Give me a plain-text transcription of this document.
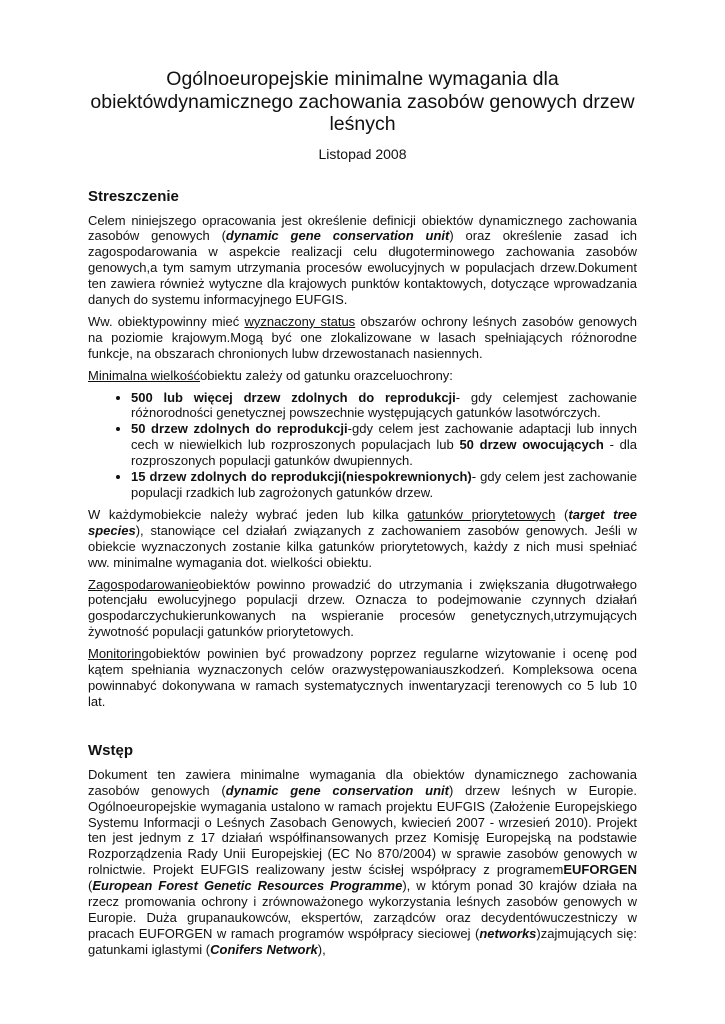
Ogólnoeuropejskie minimalne wymagania dla obiektówdynamicznego zachowania zasobów genowych drzew leśnych
Listopad 2008
Streszczenie

Celem niniejszego opracowania jest określenie definicji obiektów dynamicznego zachowania zasobów genowych (dynamic gene conservation unit) oraz określenie zasad ich zagospodarowania w aspekcie realizacji celu długoterminowego zachowania zasobów genowych,a tym samym utrzymania procesów ewolucyjnych w populacjach drzew.Dokument ten zawiera również wytyczne dla krajowych punktów kontaktowych, dotyczące wprowadzania danych do systemu informacyjnego EUFGIS.

Ww. obiektypowinny mieć wyznaczony status obszarów ochrony leśnych zasobów genowych na poziomie krajowym.Mogą być one zlokalizowane w lasach spełniających różnorodne funkcje, na obszarach chronionych lubw drzewostanach nasiennych.

Minimalna wielkośćobiektu zależy od gatunku orazceluochrony:

• 500 lub więcej drzew zdolnych do reprodukcji- gdy celemjest zachowanie różnorodności genetycznej powszechnie występujących gatunków lasotwórczych.
• 50 drzew zdolnych do reprodukcji-gdy celem jest zachowanie adaptacji lub innych cech w niewielkich lub rozproszonych populacjach lub 50 drzew owocujących - dla rozproszonych populacji gatunków dwupiennych.
• 15 drzew zdolnych do reprodukcji(niespokrewnionych)- gdy celem jest zachowanie populacji rzadkich lub zagrożonych gatunków drzew.

W każdymobiekcie należy wybrać jeden lub kilka gatunków priorytetowych (target tree species), stanowiące cel działań związanych z zachowaniem zasobów genowych. Jeśli w obiekcie wyznaczonych zostanie kilka gatunków priorytetowych, każdy z nich musi spełniać ww. minimalne wymagania dot. wielkości obiektu.

Zagospodarowanieobiektów powinno prowadzić do utrzymania i zwiększania długotrwałego potencjału ewolucyjnego populacji drzew. Oznacza to podejmowanie czynnych działań gospodarczychukierunkowanych na wspieranie procesów genetycznych,utrzymujących żywotność populacji gatunków priorytetowych.

Monitoringobiektów powinien być prowadzony poprzez regularne wizytowanie i ocenę pod kątem spełniania wyznaczonych celów orazwystępowaniauszkodzeń. Kompleksowa ocena powinnabyć dokonywana w ramach systematycznych inwentaryzacji terenowych co 5 lub 10 lat.

Wstęp

Dokument ten zawiera minimalne wymagania dla obiektów dynamicznego zachowania zasobów genowych (dynamic gene conservation unit) drzew leśnych w Europie. Ogólnoeuropejskie wymagania ustalono w ramach projektu EUFGIS (Założenie Europejskiego Systemu Informacji o Leśnych Zasobach Genowych, kwiecień 2007 - wrzesień 2010). Projekt ten jest jednym z 17 działań współfinansowanych przez Komisję Europejską na podstawie Rozporządzenia Rady Unii Europejskiej (EC No 870/2004) w sprawie zasobów genowych w rolnictwie. Projekt EUFGIS realizowany jestw ścisłej współpracy z programemEUFORGEN (European Forest Genetic Resources Programme), w którym ponad 30 krajów działa na rzecz promowania ochrony i zrównoważonego wykorzystania leśnych zasobów genowych w Europie. Duża grupanaukowców, ekspertów, zarządców oraz decydentówuczestniczy w pracach EUFORGEN w ramach programów współpracy sieciowej (networks)zajmujących się: gatunkami iglastymi (Conifers Network),
